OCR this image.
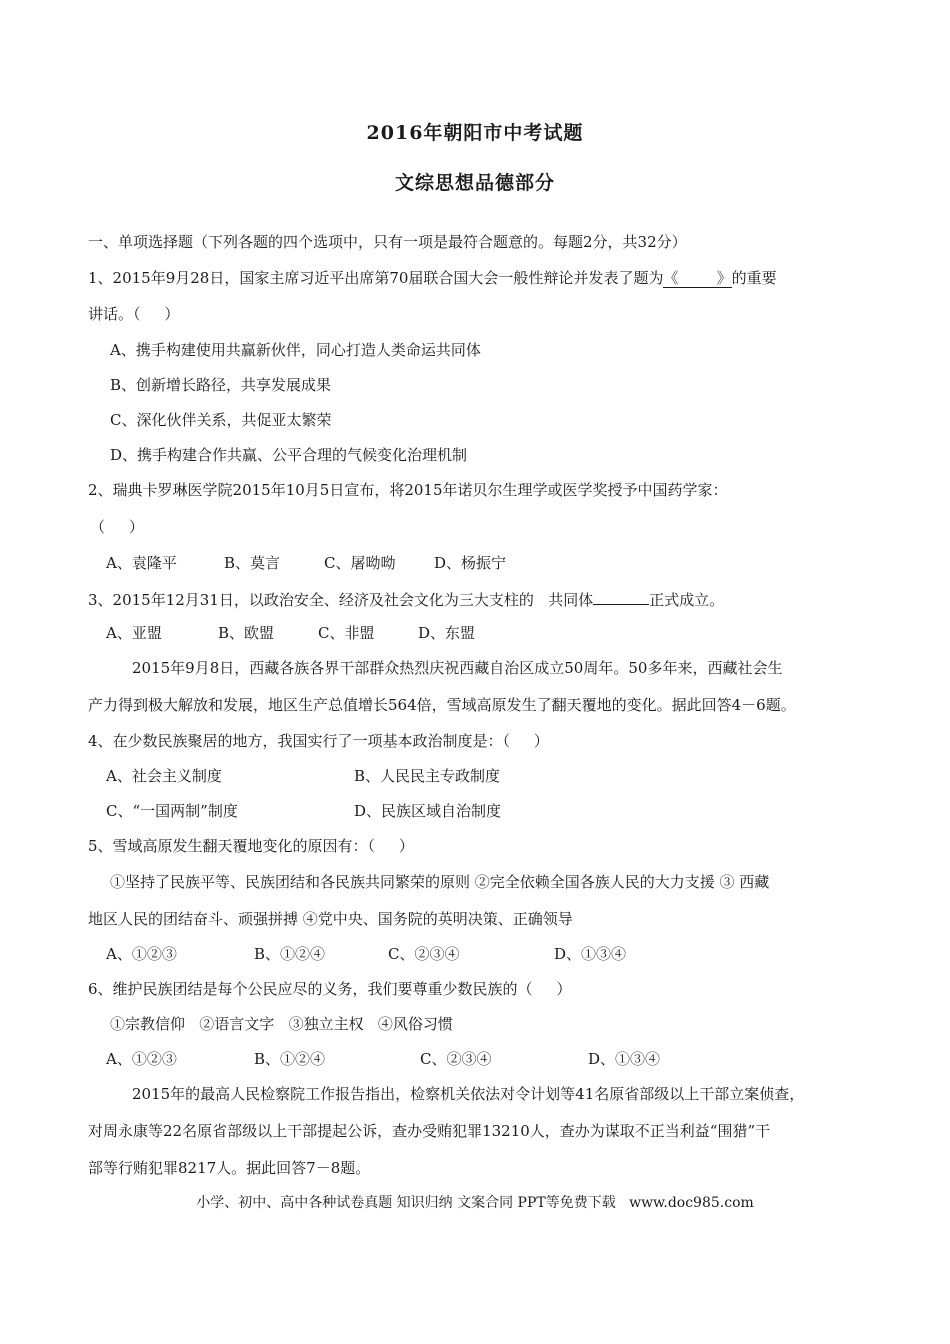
2016年朝阳市中考试题
文综思想品德部分
一、单项选择题（下列各题的四个选项中，只有一项是最符合题意的。每题2分，共32分）
1、2015年9月28日，国家主席习近平出席第70届联合国大会一般性辩论并发表了题为《        》的重要
讲话。（     ）
A、携手构建使用共赢新伙伴，同心打造人类命运共同体
B、创新增长路径，共享发展成果
C、深化伙伴关系，共促亚太繁荣
D、携手构建合作共赢、公平合理的气候变化治理机制
2、瑞典卡罗琳医学院2015年10月5日宣布，将2015年诺贝尔生理学或医学奖授予中国药学家：
（     ）
A、袁隆平	B、莫言	C、屠呦呦	D、杨振宁
3、2015年12月31日，以政治安全、经济及社会文化为三大支柱的   共同体	正式成立。
A、亚盟	B、欧盟	C、非盟	D、东盟
2015年9月8日，西藏各族各界干部群众热烈庆祝西藏自治区成立50周年。50多年来，西藏社会生
产力得到极大解放和发展，地区生产总值增长564倍，雪域高原发生了翻天覆地的变化。据此回答4－6题。
4、在少数民族聚居的地方，我国实行了一项基本政治制度是：（     ）
A、社会主义制度	B、人民民主专政制度
C、“一国两制”制度	D、民族区域自治制度
5、雪域高原发生翻天覆地变化的原因有：（     ）
①坚持了民族平等、民族团结和各民族共同繁荣的原则 ②完全依赖全国各族人民的大力支援 ③ 西藏
地区人民的团结奋斗、顽强拼搏 ④党中央、国务院的英明决策、正确领导
A、①②③	B、①②④	C、②③④	D、①③④
6、维护民族团结是每个公民应尽的义务，我们要尊重少数民族的（     ）
①宗教信仰   ②语言文字   ③独立主权   ④风俗习惯
A、①②③	B、①②④	C、②③④	D、①③④
2015年的最高人民检察院工作报告指出，检察机关依法对令计划等41名原省部级以上干部立案侦查，
对周永康等22名原省部级以上干部提起公诉，查办受贿犯罪13210人，查办为谋取不正当利益“围猎”干
部等行贿犯罪8217人。据此回答7－8题。
小学、初中、高中各种试卷真题 知识归纳 文案合同 PPT等免费下载   www.doc985.com
